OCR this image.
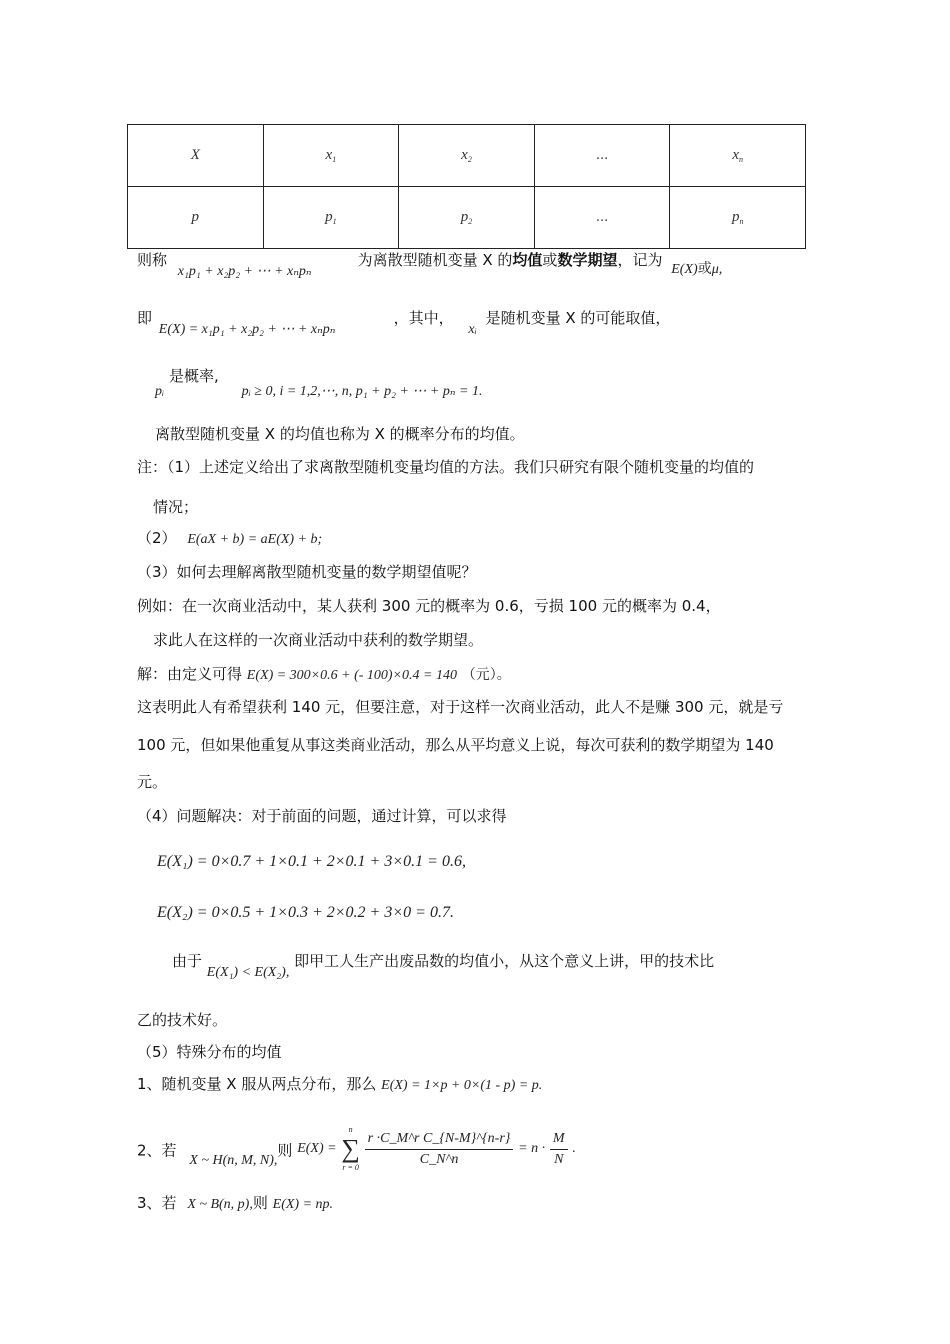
X	$x_1$	$x_2$	...	$x_n$
p	$p_1$	$p_2$	...	$p_n$
则称 x₁p₁ + x₂p₂ + ⋯ + xₙpₙ 为离散型随机变量 X 的均值或数学期望，记为 E(X)或μ,
即 E(X) = x₁p₁ + x₂p₂ + ⋯ + xₙpₙ ，其中， xᵢ 是随机变量 X 的可能取值，
pᵢ 是概率, pᵢ ≥ 0, i = 1,2,⋯, n, p₁ + p₂ + ⋯ + pₙ = 1.
离散型随机变量 X 的均值也称为 X 的概率分布的均值。
注：（1）上述定义给出了求离散型随机变量均值的方法。我们只研究有限个随机变量的均值的
情况；
（2） E(aX + b) = aE(X) + b;
（3）如何去理解离散型随机变量的数学期望值呢？
例如：在一次商业活动中，某人获利 300 元的概率为 0.6，亏损 100 元的概率为 0.4，
求此人在这样的一次商业活动中获利的数学期望。
解：由定义可得 E(X) = 300×0.6 + (- 100)×0.4 = 140 （元）。
这表明此人有希望获利 140 元，但要注意，对于这样一次商业活动，此人不是赚 300 元，就是亏
100 元，但如果他重复从事这类商业活动，那么从平均意义上说，每次可获利的数学期望为 140
元。
（4）问题解决：对于前面的问题，通过计算，可以求得
E(X₁) = 0×0.7 + 1×0.1 + 2×0.1 + 3×0.1 = 0.6,
E(X₂) = 0×0.5 + 1×0.3 + 2×0.2 + 3×0 = 0.7.
由于 E(X₁) < E(X₂), 即甲工人生产出废品数的均值小，从这个意义上讲，甲的技术比
乙的技术好。
（5）特殊分布的均值
1、随机变量 X 服从两点分布，那么 E(X) = 1×p + 0×(1 - p) = p.
2、若 X ~ H(n, M, N),则 E(X) =
n
∑
r = 0
$\frac{\text{r ·C\_M\textasciicircum{}r C\_\{N-M\}\textasciicircum{}\{n-r\}}}{C\_N\^{}n} = n \cdot \frac{M}{N}$ .
3、若 X ~ B(n, p),则 E(X) = np.
